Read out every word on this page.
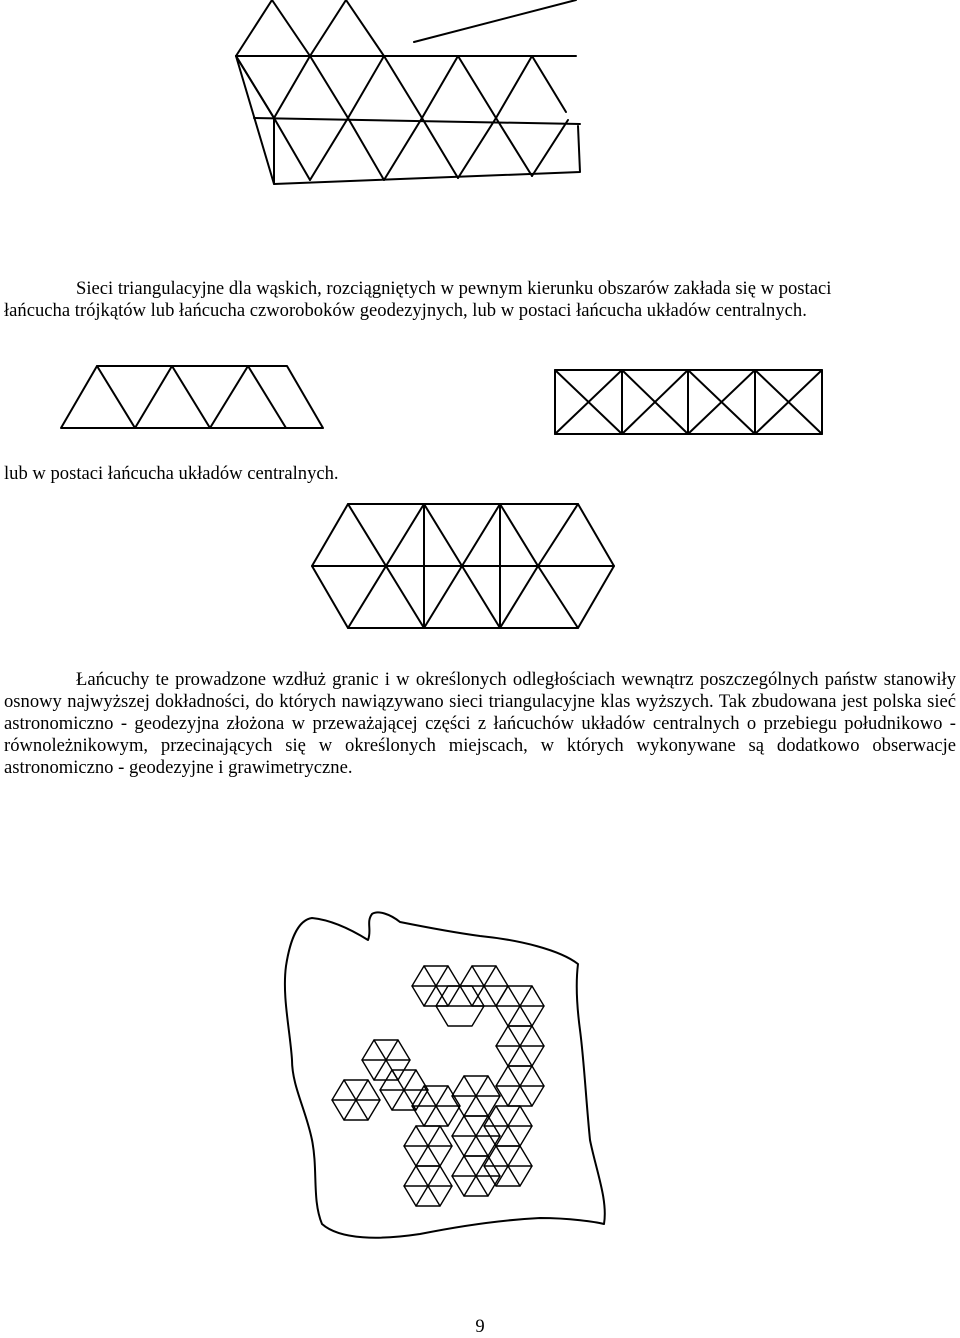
Sieci triangulacyjne dla wąskich, rozciągniętych w pewnym kierunku obszarów zakłada się w postaci
łańcucha trójkątów lub łańcucha czworoboków geodezyjnych, lub w postaci łańcucha układów centralnych.

lub w postaci łańcucha układów centralnych.

Łańcuchy te prowadzone wzdłuż granic i w określonych odległościach wewnątrz poszczególnych państw stanowiły osnowy najwyższej dokładności, do których nawiązywano sieci triangulacyjne klas wyższych. Tak zbudowana jest polska sieć astronomiczno - geodezyjna złożona w przeważającej części z łańcuchów układów centralnych o przebiegu południkowo - równoleżnikowym, przecinających się w określonych miejscach, w których wykonywane są dodatkowo obserwacje astronomiczno - geodezyjne i grawimetryczne.

9
